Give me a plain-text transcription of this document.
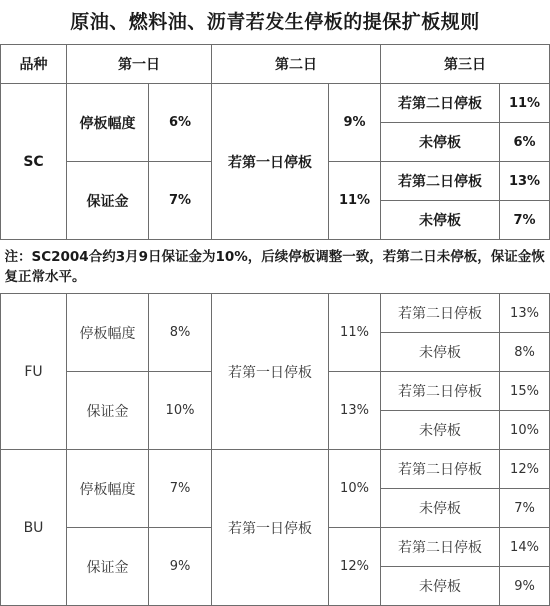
原油、燃料油、沥青若发生停板的提保扩板规则
品种	第一日		第二日		第三日	
SC	停板幅度	6%	若第一日停板	9%	若第二日停板	11%
					未停板	6%
	保证金	7%		11%	若第二日停板	13%
					未停板	7%
注：SC2004合约3月9日保证金为10%，后续停板调整一致，若第二日未停板，保证金恢复正常水平。						
FU	停板幅度	8%	若第一日停板	11%	若第二日停板	13%
					未停板	8%
	保证金	10%		13%	若第二日停板	15%
					未停板	10%
BU	停板幅度	7%	若第一日停板	10%	若第二日停板	12%
					未停板	7%
	保证金	9%		12%	若第二日停板	14%
					未停板	9%
